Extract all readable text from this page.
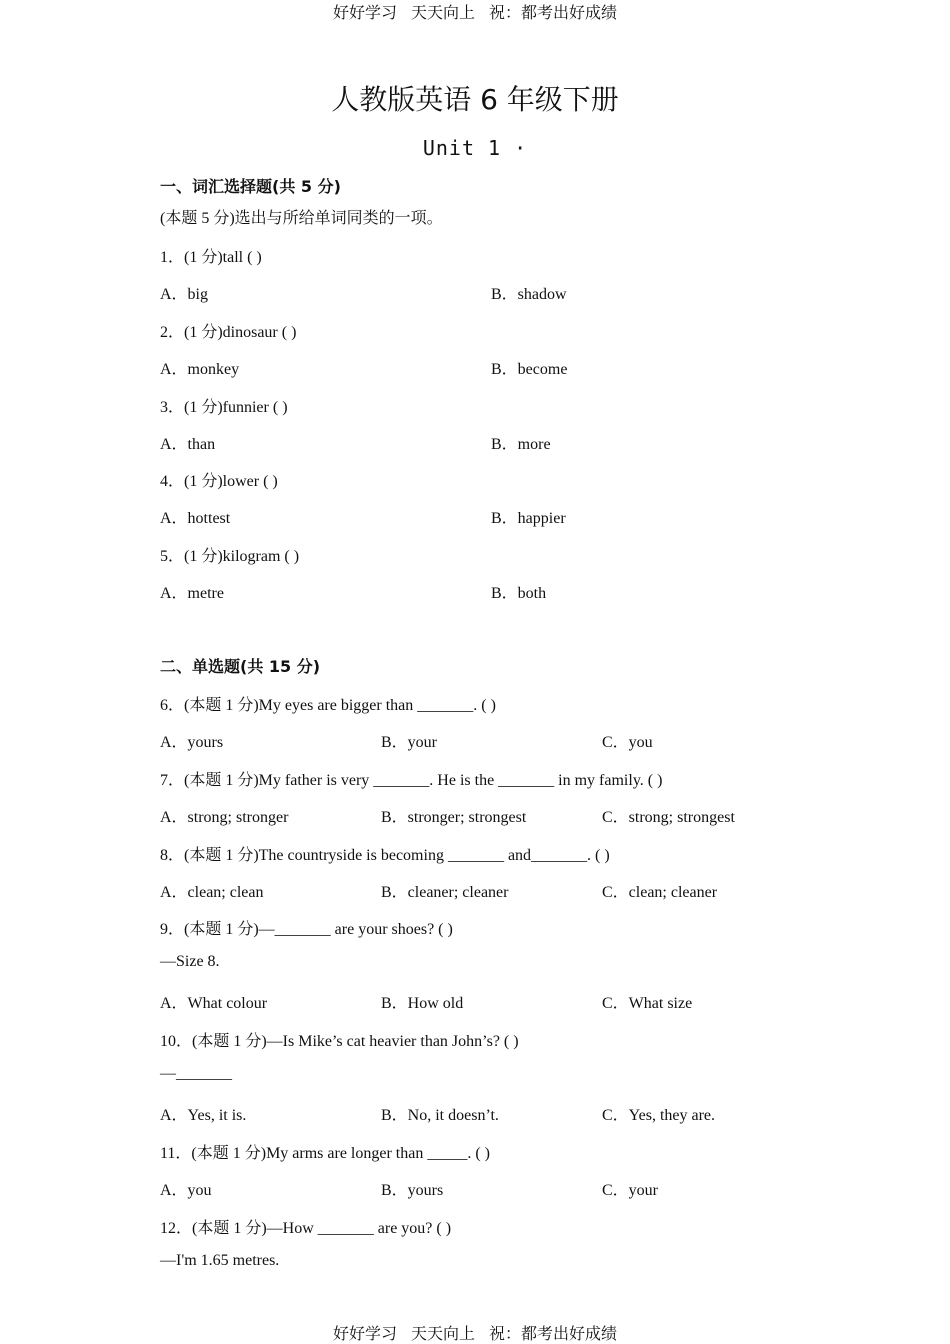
好好学习 天天向上 祝：都考出好成绩
人教版英语 6 年级下册
Unit 1 ·
一、词汇选择题(共 5 分)
(本题 5 分)选出与所给单词同类的一项。
1．(1 分)tall ( )
A．big	B．shadow
2．(1 分)dinosaur ( )
A．monkey	B．become
3．(1 分)funnier ( )
A．than	B．more
4．(1 分)lower ( )
A．hottest	B．happier
5．(1 分)kilogram ( )
A．metre	B．both
二、单选题(共 15 分)
6．(本题 1 分)My eyes are bigger than _______. ( )
A．yours	B．your	C．you
7．(本题 1 分)My father is very _______. He is the _______ in my family. ( )
A．strong; stronger	B．stronger; strongest	C．strong; strongest
8．(本题 1 分)The countryside is becoming _______ and_______. ( )
A．clean; clean	B．cleaner; cleaner	C．clean; cleaner
9．(本题 1 分)—_______ are your shoes? ( )
—Size 8.
A．What colour	B．How old	C．What size
10．(本题 1 分)—Is Mike’s cat heavier than John’s? ( )
—_______
A．Yes, it is.	B．No, it doesn’t.	C．Yes, they are.
11．(本题 1 分)My arms are longer than _____. ( )
A．you	B．yours	C．your
12．(本题 1 分)—How _______ are you? ( )
—I'm 1.65 metres.
好好学习 天天向上 祝：都考出好成绩
